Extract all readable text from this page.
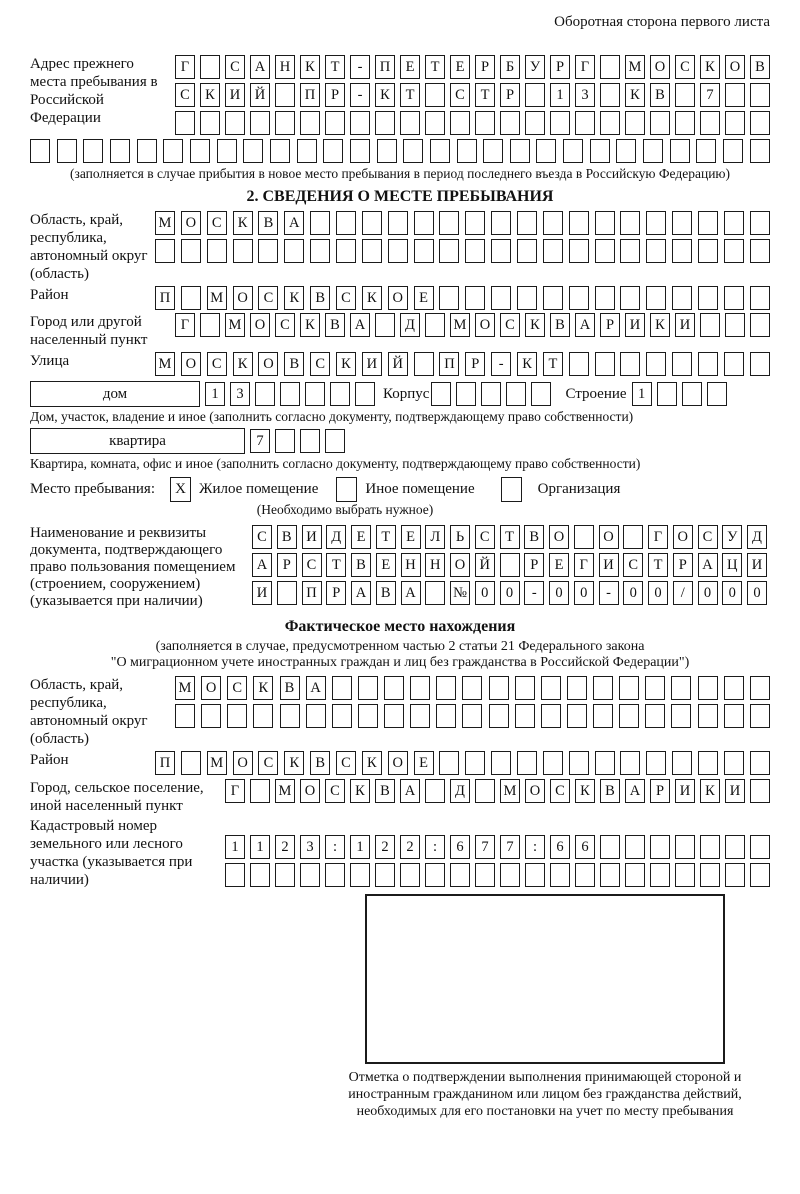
Оборотная сторона первого листа
Адрес прежнего места пребывания в Российской Федерации
Г	С	А	Н	К	Т	-	П	Е	Т	Е	Р	Б	У	Р	Г	М О	С	К	О	В
С	К	И	Й	П	Р	-	К	Т	С	Т	Р	1	3	К	В	7
(заполняется в случае прибытия в новое место пребывания в период последнего въезда в Российскую Федерацию)
2. СВЕДЕНИЯ О МЕСТЕ ПРЕБЫВАНИЯ
Область, край, республика, автономный округ (область)
М О	С	К	В	А
Район	П	М О	С	К	В	С	К	О	Е
Город или другой населенный пункт
Г	М О	С	К	В	А	Д	М О	С	К	В	А	Р	И	К	И
Улица	М О	С	К	О	В	С	К	И	Й	П	Р	-	К	Т
дом	1	3	Корпус	Строение 1
Дом, участок, владение и иное (заполнить согласно документу, подтверждающему право собственности)
квартира	7
Квартира, комната, офис и иное (заполнить согласно документу, подтверждающему право собственности)
Место пребывания:	X Жилое помещение	Иное помещение	Организация
(Необходимо выбрать нужное)
Наименование и реквизиты документа, подтверждающего право пользования помещением (строением, сооружением) (указывается при наличии)
С	В	И	Д	Е	Т	Е	Л	Ь	С	Т	В	О	О	Г	О	С	У	Д
А	Р	С	Т	В	Е	Н Н О Й	Р	Е	Г	И	С	Т	Р	А Ц И
И	П	Р	А	В	А	№ 0	0	-	0	0	-	0	0	/	0	0	0
Фактическое место нахождения
(заполняется в случае, предусмотренном частью 2 статьи 21 Федерального закона
"О миграционном учете иностранных граждан и лиц без гражданства в Российской Федерации")
Область, край, республика, автономный округ (область)
М О	С	К	В	А
Район	П	М О	С	К	В	С	К	О	Е
Город, сельское поселение, иной населенный пункт
Г	М О	С	К	В	А	Д	М О	С	К	В	А	Р	И	К	И
Кадастровый номер земельного или лесного участка (указывается при наличии)
1	1	2	3	:	1	2	2	:	6	7	7	:	6	6
Отметка о подтверждении выполнения принимающей стороной и иностранным гражданином или лицом без гражданства действий, необходимых для его постановки на учет по месту пребывания
